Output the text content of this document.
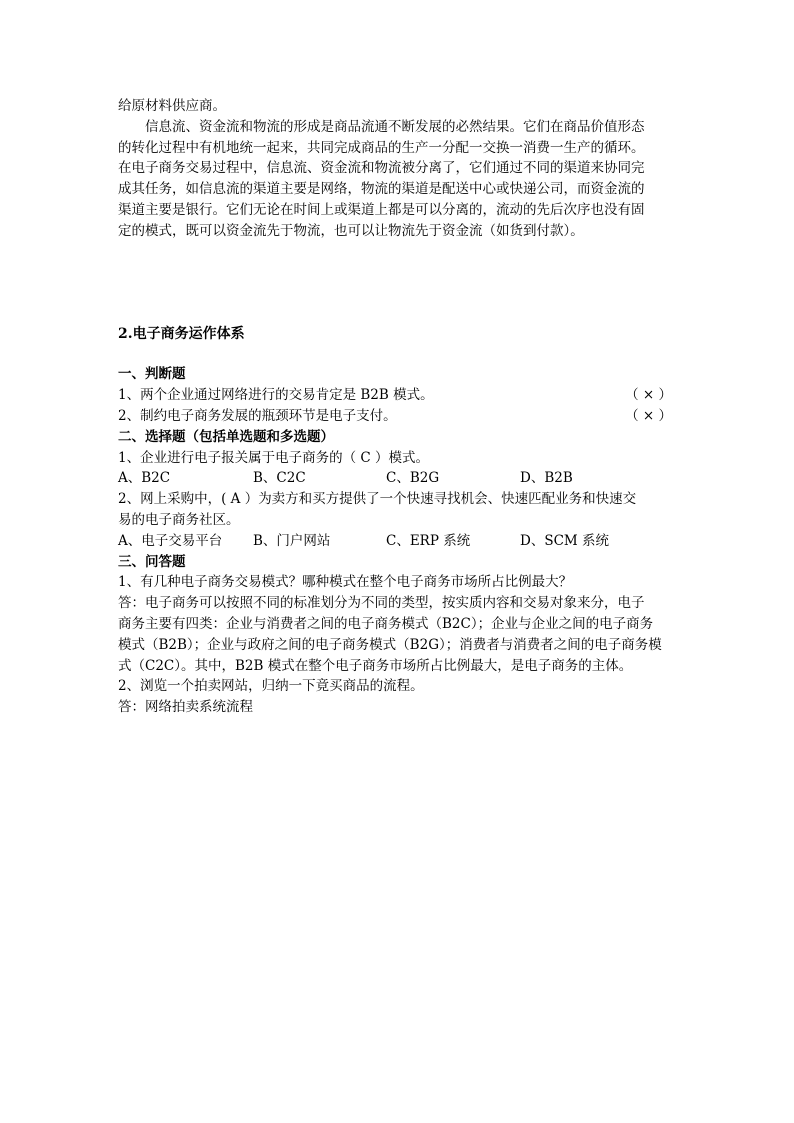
给原材料供应商。
信息流、资金流和物流的形成是商品流通不断发展的必然结果。它们在商品价值形态
的转化过程中有机地统一起来，共同完成商品的生产一分配一交换一消费一生产的循环。
在电子商务交易过程中，信息流、资金流和物流被分离了，它们通过不同的渠道来协同完
成其任务，如信息流的渠道主要是网络，物流的渠道是配送中心或快递公司，而资金流的
渠道主要是银行。它们无论在时间上或渠道上都是可以分离的，流动的先后次序也没有固
定的模式，既可以资金流先于物流，也可以让物流先于资金流（如货到付款）。
2.电子商务运作体系
一、判断题
1、两个企业通过网络进行的交易肯定是 B2B 模式。	（ × ）
2、制约电子商务发展的瓶颈环节是电子支付。	（ × ）
二、选择题（包括单选题和多选题）
1、企业进行电子报关属于电子商务的（ C ）模式。
A、B2C	B、C2C	C、B2G	D、B2B
2、网上采购中，( A ）为卖方和买方提供了一个快速寻找机会、快速匹配业务和快速交
易的电子商务社区。
A、电子交易平台 B、门户网站	C、ERP 系统	D、SCM 系统
三、问答题
1、有几种电子商务交易模式？哪种模式在整个电子商务市场所占比例最大？
答：电子商务可以按照不同的标准划分为不同的类型，按实质内容和交易对象来分，电子
商务主要有四类：企业与消费者之间的电子商务模式（B2C）；企业与企业之间的电子商务
模式（B2B）；企业与政府之间的电子商务模式（B2G）；消费者与消费者之间的电子商务模
式（C2C）。其中，B2B 模式在整个电子商务市场所占比例最大，是电子商务的主体。
2、浏览一个拍卖网站，归纳一下竟买商品的流程。
答：网络拍卖系统流程
